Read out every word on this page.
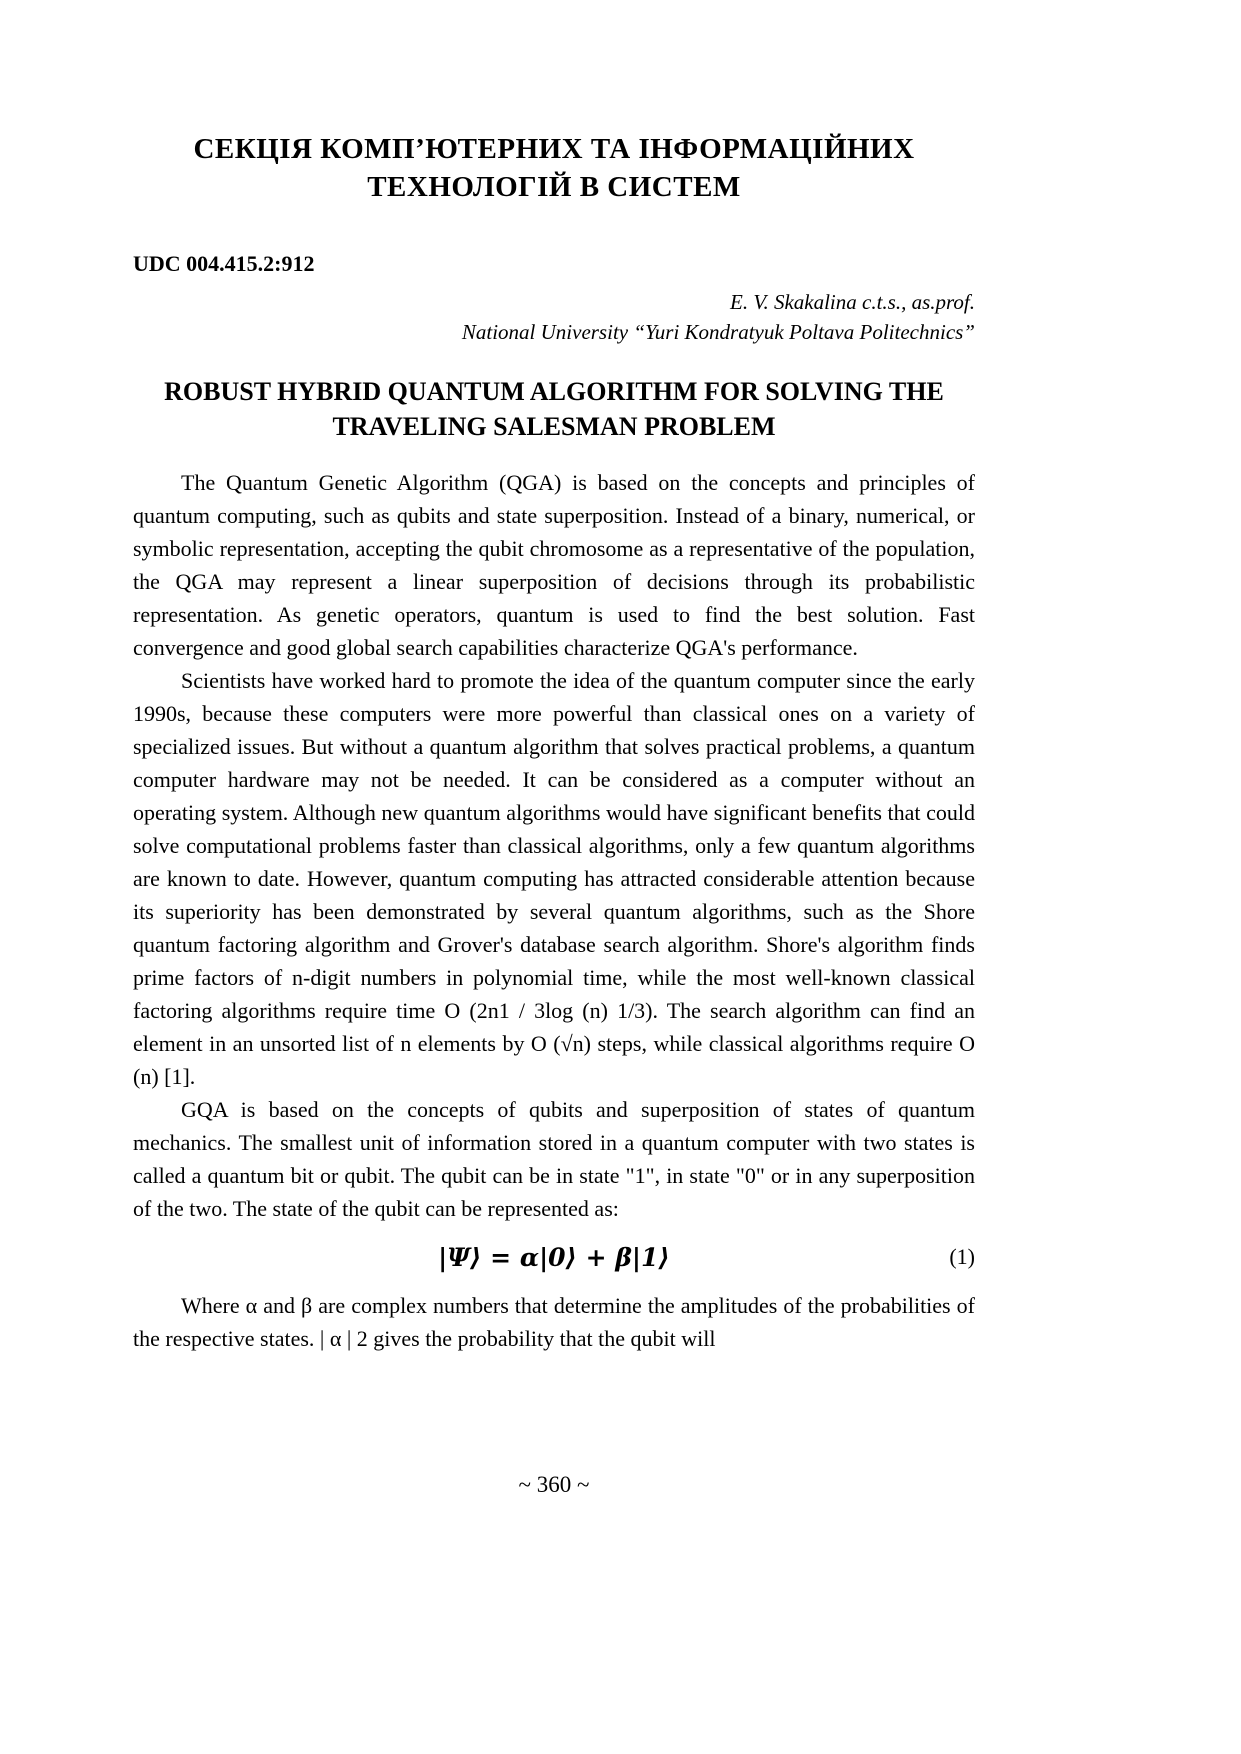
СЕКЦІЯ КОМП’ЮТЕРНИХ ТА ІНФОРМАЦІЙНИХ ТЕХНОЛОГІЙ В СИСТЕМ
UDC 004.415.2:912
E. V. Skakalina c.t.s., as.prof.
National University “Yuri Kondratyuk Poltava Politechnics”
ROBUST HYBRID QUANTUM ALGORITHM FOR SOLVING THE TRAVELING SALESMAN PROBLEM

The Quantum Genetic Algorithm (QGA) is based on the concepts and principles of quantum computing, such as qubits and state superposition. Instead of a binary, numerical, or symbolic representation, accepting the qubit chromosome as a representative of the population, the QGA may represent a linear superposition of decisions through its probabilistic representation. As genetic operators, quantum is used to find the best solution. Fast convergence and good global search capabilities characterize QGA's performance.

Scientists have worked hard to promote the idea of the quantum computer since the early 1990s, because these computers were more powerful than classical ones on a variety of specialized issues. But without a quantum algorithm that solves practical problems, a quantum computer hardware may not be needed. It can be considered as a computer without an operating system. Although new quantum algorithms would have significant benefits that could solve computational problems faster than classical algorithms, only a few quantum algorithms are known to date. However, quantum computing has attracted considerable attention because its superiority has been demonstrated by several quantum algorithms, such as the Shore quantum factoring algorithm and Grover's database search algorithm. Shore's algorithm finds prime factors of n-digit numbers in polynomial time, while the most well-known classical factoring algorithms require time O (2n1 / 3log (n) 1/3). The search algorithm can find an element in an unsorted list of n elements by O (√n) steps, while classical algorithms require O (n) [1].

GQA is based on the concepts of qubits and superposition of states of quantum mechanics. The smallest unit of information stored in a quantum computer with two states is called a quantum bit or qubit. The qubit can be in state "1", in state "0" or in any superposition of the two. The state of the qubit can be represented as:

|Ψ⟩ = α|0⟩ + β|1⟩	(1)

Where α and β are complex numbers that determine the amplitudes of the probabilities of the respective states. | α | 2 gives the probability that the qubit will

~ 360 ~
